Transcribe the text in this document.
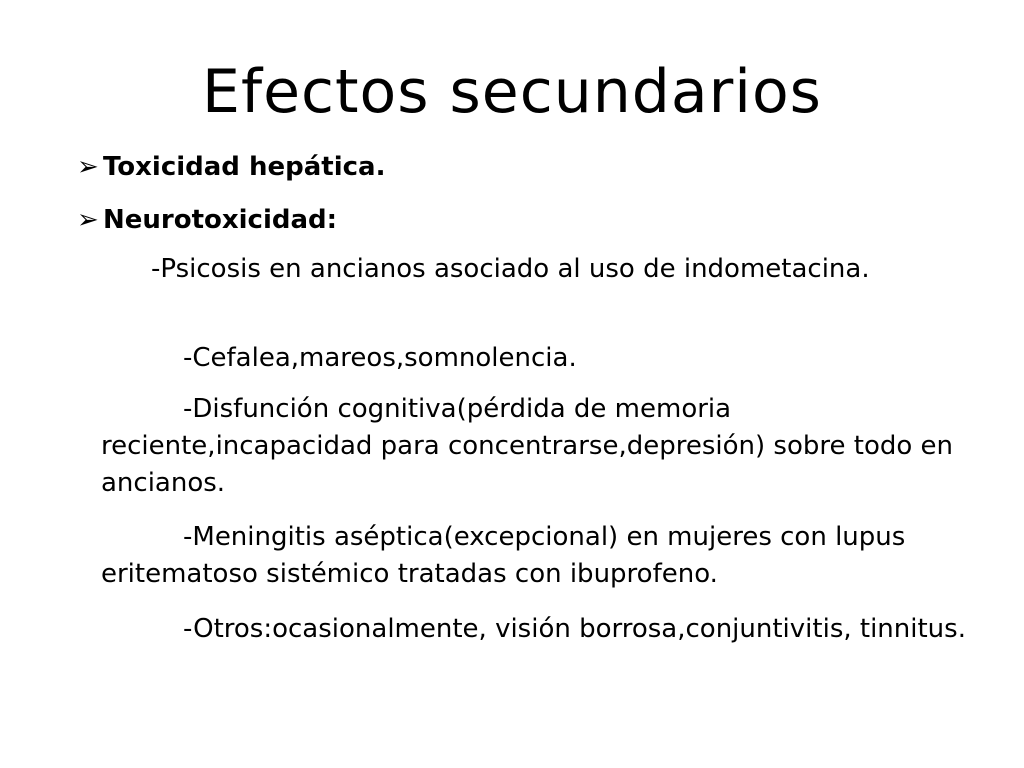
Efectos secundarios
➢ Toxicidad hepática.
➢ Neurotoxicidad:

-Psicosis en ancianos asociado al uso de indometacina.

-Cefalea,mareos,somnolencia.

-Disfunción cognitiva(pérdida de memoria reciente,incapacidad para concentrarse,depresión) sobre todo en ancianos.

-Meningitis aséptica(excepcional) en mujeres con lupus eritematoso sistémico tratadas con ibuprofeno.

-Otros:ocasionalmente, visión borrosa,conjuntivitis, tinnitus.
